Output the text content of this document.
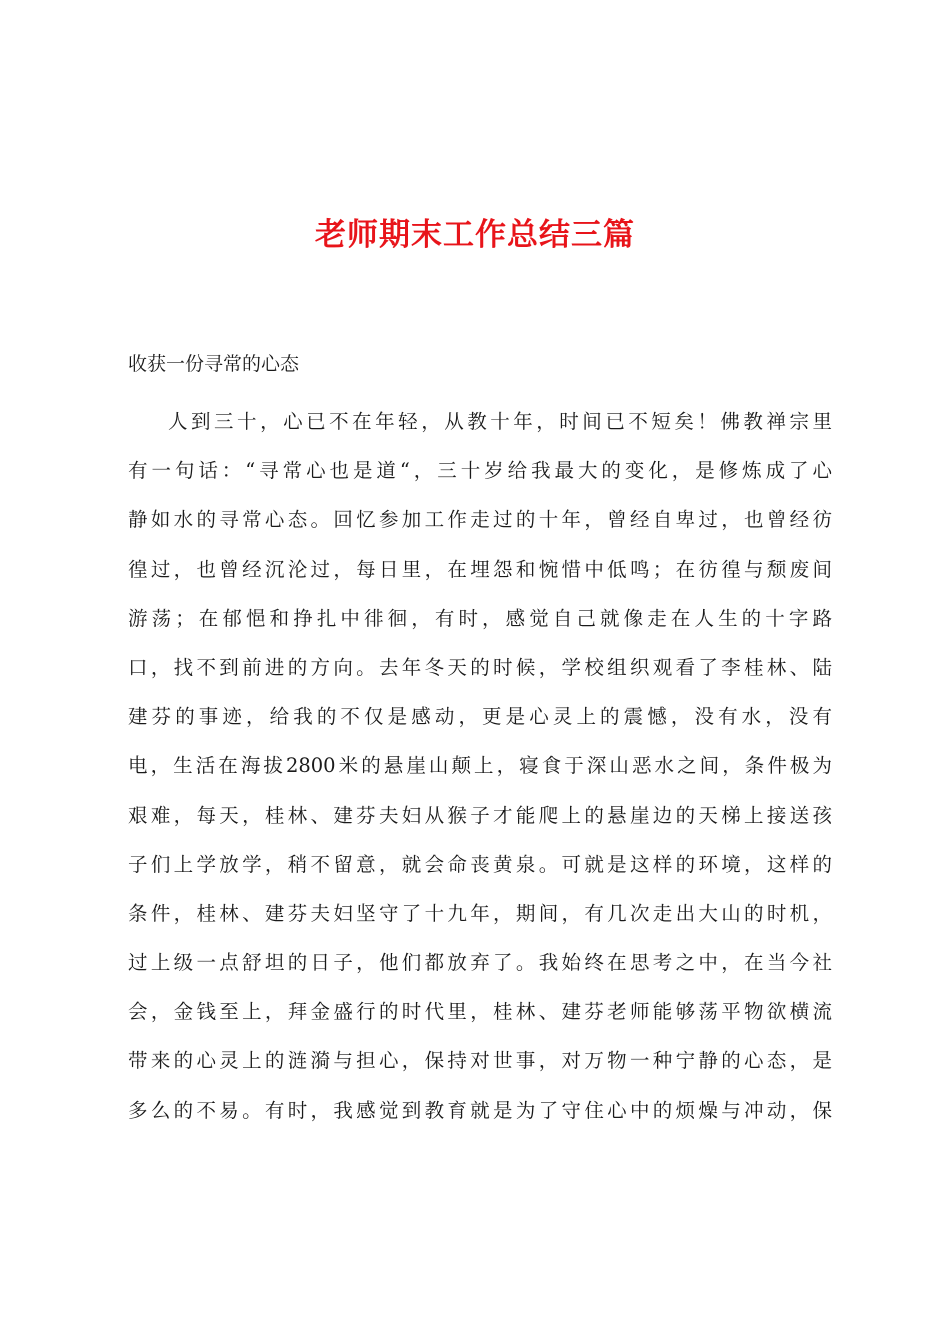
老师期末工作总结三篇
收获一份寻常的心态
人到三十，心已不在年轻，从教十年，时间已不短矣！佛教禅宗里
有一句话：“寻常心也是道“，三十岁给我最大的变化，是修炼成了心
静如水的寻常心态。回忆参加工作走过的十年，曾经自卑过，也曾经彷
徨过，也曾经沉沦过，每日里，在埋怨和惋惜中低鸣；在彷徨与颓废间
游荡；在郁悒和挣扎中徘徊，有时，感觉自己就像走在人生的十字路
口，找不到前进的方向。去年冬天的时候，学校组织观看了李桂林、陆
建芬的事迹，给我的不仅是感动，更是心灵上的震憾，没有水，没有
电，生活在海拔2800米的悬崖山颠上，寝食于深山恶水之间，条件极为
艰难，每天，桂林、建芬夫妇从猴子才能爬上的悬崖边的天梯上接送孩
子们上学放学，稍不留意，就会命丧黄泉。可就是这样的环境，这样的
条件，桂林、建芬夫妇坚守了十九年，期间，有几次走出大山的时机，
过上级一点舒坦的日子，他们都放弃了。我始终在思考之中，在当今社
会，金钱至上，拜金盛行的时代里，桂林、建芬老师能够荡平物欲横流
带来的心灵上的涟漪与担心，保持对世事，对万物一种宁静的心态，是
多么的不易。有时，我感觉到教育就是为了守住心中的烦燥与冲动，保
